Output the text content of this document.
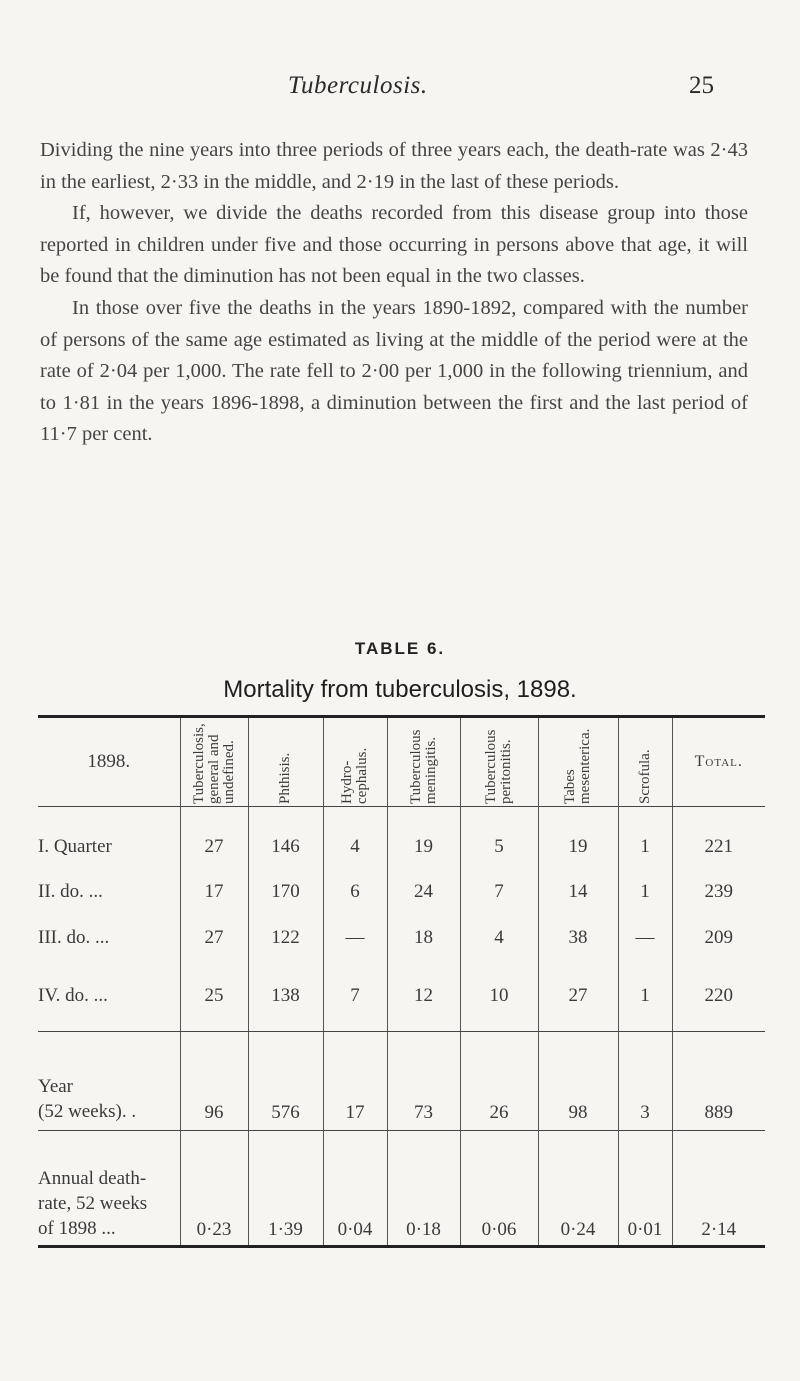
Tuberculosis.	25

Dividing the nine years into three periods of three years each, the death-rate was 2·43 in the earliest, 2·33 in the middle, and 2·19 in the last of these periods.

If, however, we divide the deaths recorded from this disease group into those reported in children under five and those occurring in persons above that age, it will be found that the diminution has not been equal in the two classes.

In those over five the deaths in the years 1890-1892, compared with the number of persons of the same age estimated as living at the middle of the period were at the rate of 2·04 per 1,000. The rate fell to 2·00 per 1,000 in the following triennium, and to 1·81 in the years 1896-1898, a diminution between the first and the last period of 11·7 per cent.

TABLE 6.
Mortality from tuberculosis, 1898.
1898.	Tuberculosis, general and undefined.	Phthisis.	Hydro-cephalus.	Tuberculous meningitis.	Tuberculous peritonitis.	Tabes mesenterica.	Scrofula.	Total.
I. Quarter	27	146	4	19	5	19	1	221
II. do. ...	17	170	6	24	7	14	1	239
III. do. ...	27	122	—	18	4	38	—	209
IV. do. ...	25	138	7	12	10	27	1	220

Year
(52 weeks). .	96	576	17	73	26	98	3	889

Annual death-
rate, 52 weeks
of 1898 ...	0·23	1·39	0·04	0·18	0·06	0·24	0·01	2·14
